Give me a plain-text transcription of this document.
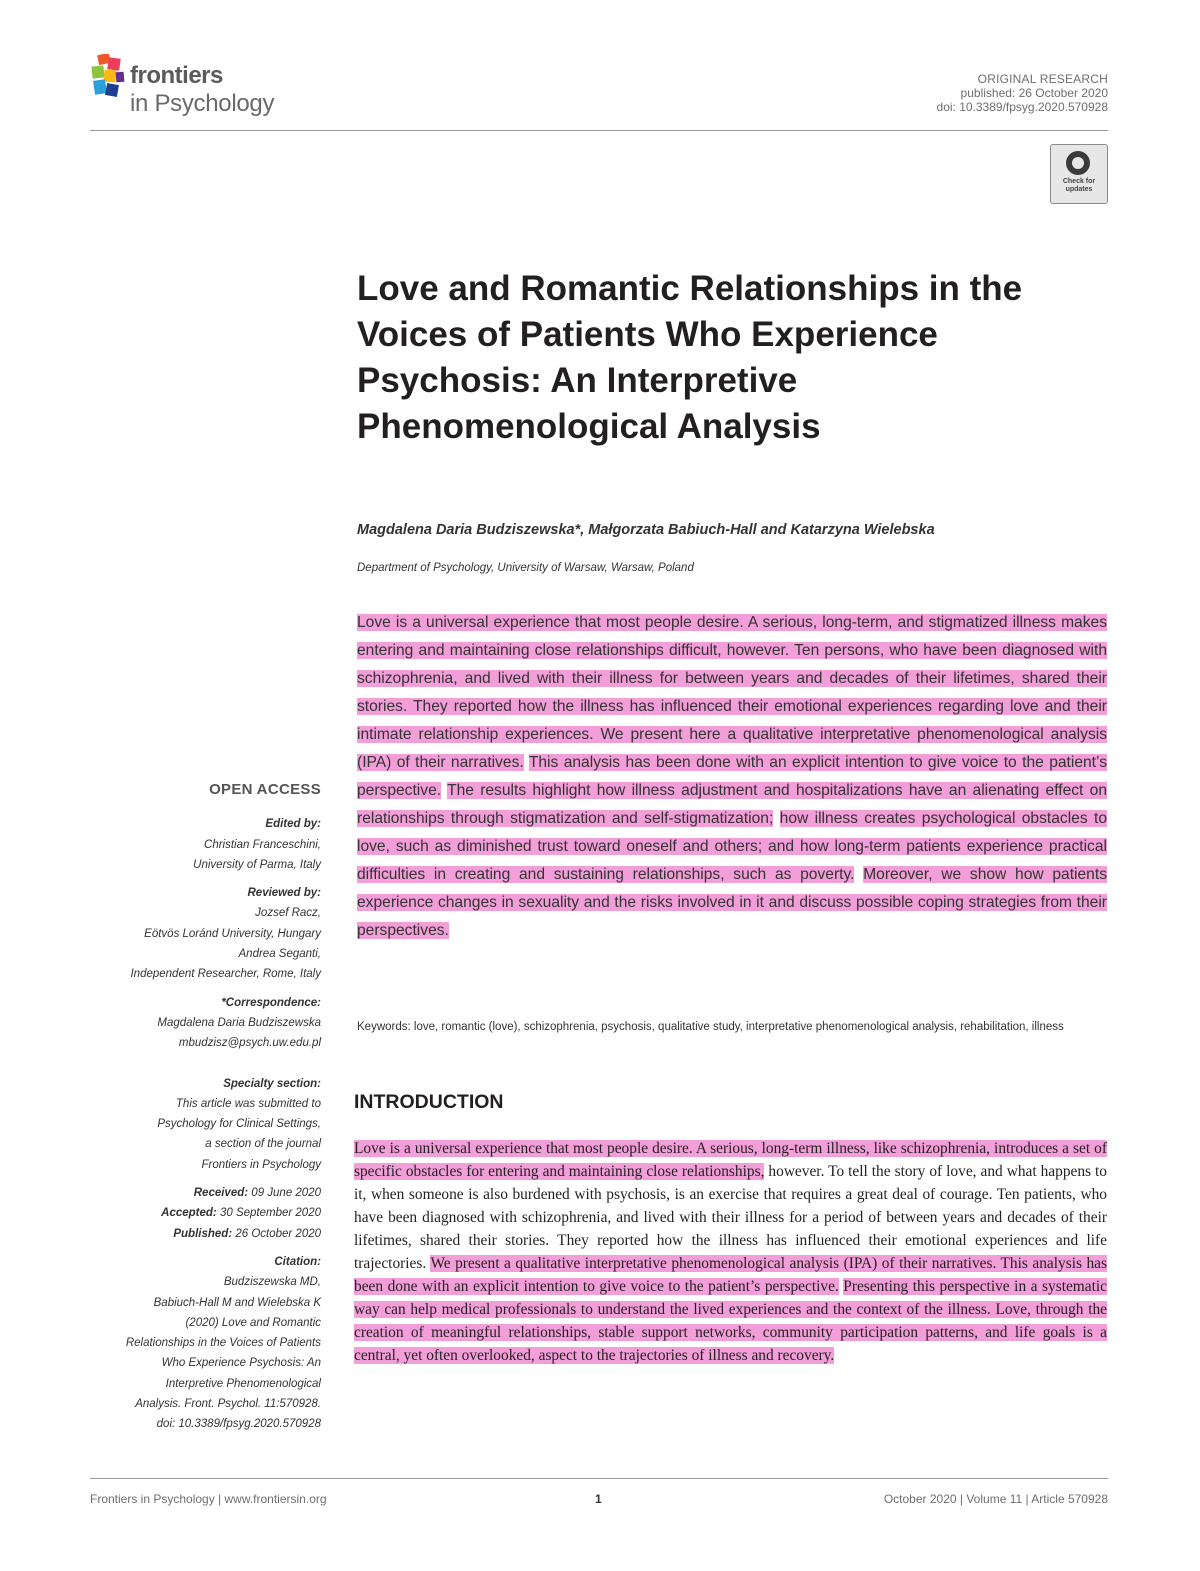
frontiers
in Psychology
ORIGINAL RESEARCH
published: 26 October 2020
doi: 10.3389/fpsyg.2020.570928
Check for updates
Love and Romantic Relationships in the Voices of Patients Who Experience Psychosis: An Interpretive Phenomenological Analysis
Magdalena Daria Budziszewska*, Małgorzata Babiuch-Hall and Katarzyna Wielebska
Department of Psychology, University of Warsaw, Warsaw, Poland
Love is a universal experience that most people desire. A serious, long-term, and stigmatized illness makes entering and maintaining close relationships difficult, however. Ten persons, who have been diagnosed with schizophrenia, and lived with their illness for between years and decades of their lifetimes, shared their stories. They reported how the illness has influenced their emotional experiences regarding love and their intimate relationship experiences. We present here a qualitative interpretative phenomenological analysis (IPA) of their narratives. This analysis has been done with an explicit intention to give voice to the patient’s perspective. The results highlight how illness adjustment and hospitalizations have an alienating effect on relationships through stigmatization and self-stigmatization; how illness creates psychological obstacles to love, such as diminished trust toward oneself and others; and how long-term patients experience practical difficulties in creating and sustaining relationships, such as poverty. Moreover, we show how patients experience changes in sexuality and the risks involved in it and discuss possible coping strategies from their perspectives.
Keywords: love, romantic (love), schizophrenia, psychosis, qualitative study, interpretative phenomenological analysis, rehabilitation, illness
OPEN ACCESS
Edited by:
Christian Franceschini,
University of Parma, Italy
Reviewed by:
Jozsef Racz,
Eötvös Loránd University, Hungary
Andrea Seganti,
Independent Researcher, Rome, Italy
*Correspondence:
Magdalena Daria Budziszewska
mbudzisz@psych.uw.edu.pl
Specialty section:
This article was submitted to
Psychology for Clinical Settings,
a section of the journal
Frontiers in Psychology
Received: 09 June 2020
Accepted: 30 September 2020
Published: 26 October 2020
Citation:
Budziszewska MD,
Babiuch-Hall M and Wielebska K
(2020) Love and Romantic
Relationships in the Voices of Patients
Who Experience Psychosis: An
Interpretive Phenomenological
Analysis. Front. Psychol. 11:570928.
doi: 10.3389/fpsyg.2020.570928
INTRODUCTION
Love is a universal experience that most people desire. A serious, long-term illness, like schizophrenia, introduces a set of specific obstacles for entering and maintaining close relationships, however. To tell the story of love, and what happens to it, when someone is also burdened with psychosis, is an exercise that requires a great deal of courage. Ten patients, who have been diagnosed with schizophrenia, and lived with their illness for a period of between years and decades of their lifetimes, shared their stories. They reported how the illness has influenced their emotional experiences and life trajectories. We present a qualitative interpretative phenomenological analysis (IPA) of their narratives. This analysis has been done with an explicit intention to give voice to the patient’s perspective. Presenting this perspective in a systematic way can help medical professionals to understand the lived experiences and the context of the illness. Love, through the creation of meaningful relationships, stable support networks, community participation patterns, and life goals is a central, yet often overlooked, aspect to the trajectories of illness and recovery.
Frontiers in Psychology | www.frontiersin.org	1	October 2020 | Volume 11 | Article 570928
